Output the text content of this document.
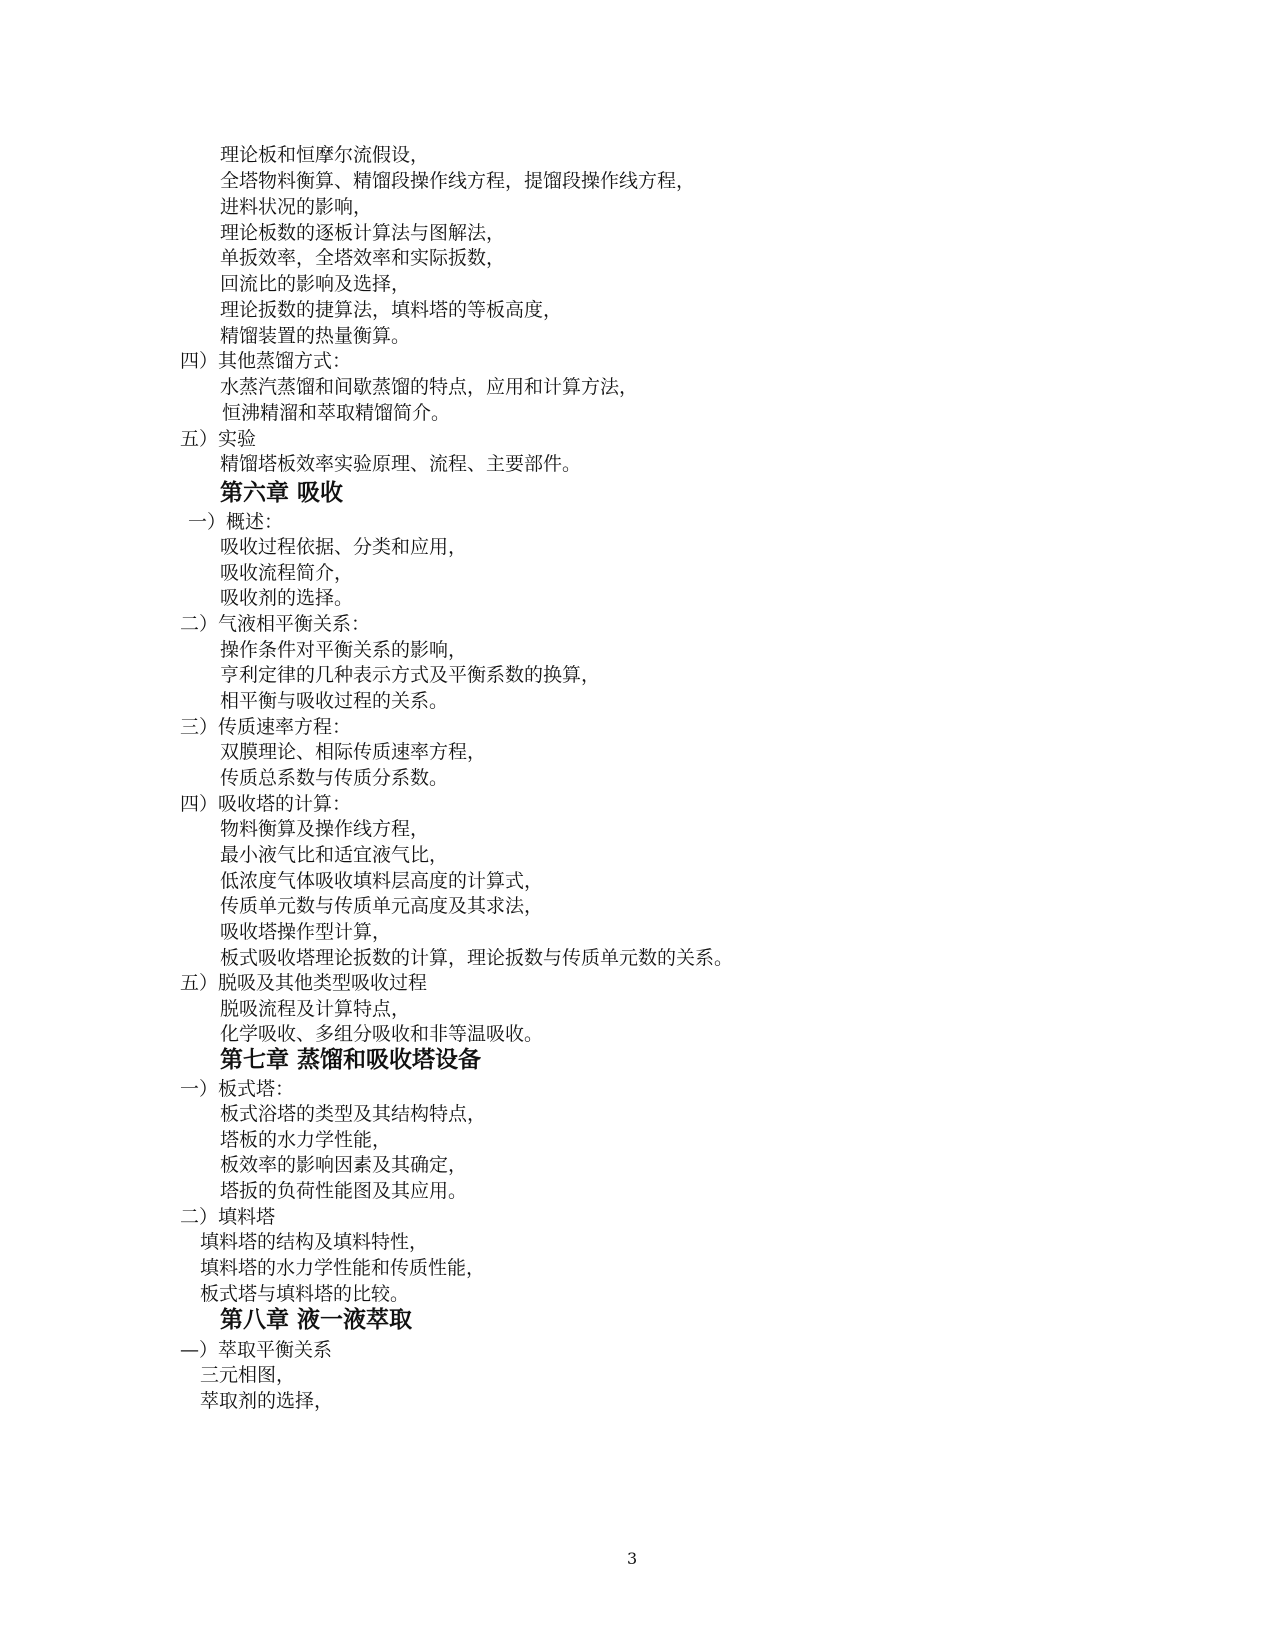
理论板和恒摩尔流假设，
全塔物料衡算、精馏段操作线方程，提馏段操作线方程，
进料状况的影响，
理论板数的逐板计算法与图解法，
单扳效率，全塔效率和实际扳数，
回流比的影响及选择，
理论扳数的捷算法，填料塔的等板高度，
精馏装置的热量衡算。
四）其他蒸馏方式：
水蒸汽蒸馏和间歇蒸馏的特点，应用和计算方法，
恒沸精溜和萃取精馏简介。
五）实验
精馏塔板效率实验原理、流程、主要部件。
第六章 吸收
一）概述：
吸收过程依据、分类和应用，
吸收流程简介，
吸收剂的选择。
二）气液相平衡关系：
操作条件对平衡关系的影响，
亨利定律的几种表示方式及平衡系数的换算，
相平衡与吸收过程的关系。
三）传质速率方程：
双膜理论、相际传质速率方程，
传质总系数与传质分系数。
四）吸收塔的计算：
物料衡算及操作线方程，
最小液气比和适宜液气比，
低浓度气体吸收填料层高度的计算式，
传质单元数与传质单元高度及其求法，
吸收塔操作型计算，
板式吸收塔理论扳数的计算，理论扳数与传质单元数的关系。
五）脱吸及其他类型吸收过程
脱吸流程及计算特点，
化学吸收、多组分吸收和非等温吸收。
第七章 蒸馏和吸收塔设备
一）板式塔：
板式浴塔的类型及其结构特点，
塔板的水力学性能，
板效率的影响因素及其确定，
塔扳的负荷性能图及其应用。
二）填料塔
填料塔的结构及填料特性，
填料塔的水力学性能和传质性能，
板式塔与填料塔的比较。
第八章 液一液萃取
—）萃取平衡关系
三元相图，
萃取剂的选择，
3
